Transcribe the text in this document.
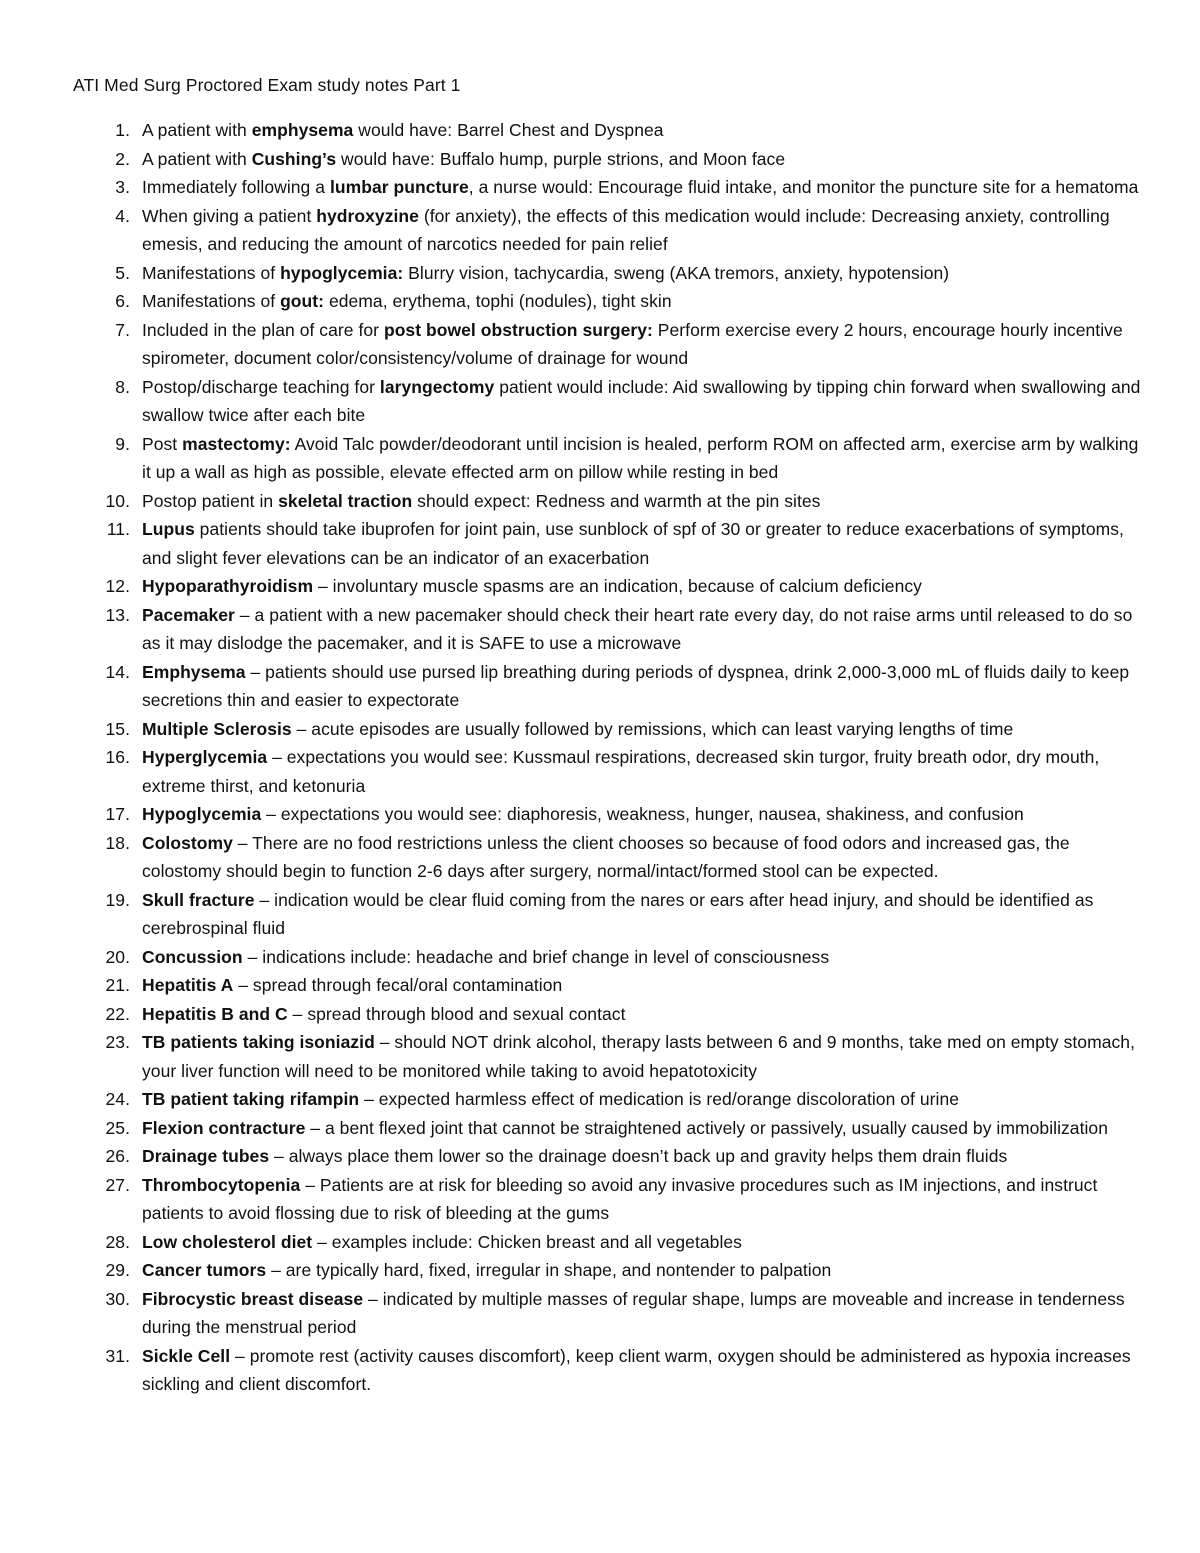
ATI Med Surg Proctored Exam study notes Part 1
1. A patient with emphysema would have: Barrel Chest and Dyspnea
2. A patient with Cushing’s would have: Buffalo hump, purple strions, and Moon face
3. Immediately following a lumbar puncture, a nurse would: Encourage fluid intake, and monitor the puncture site for a hematoma
4. When giving a patient hydroxyzine (for anxiety), the effects of this medication would include: Decreasing anxiety, controlling emesis, and reducing the amount of narcotics needed for pain relief
5. Manifestations of hypoglycemia: Blurry vision, tachycardia, sweng (AKA tremors, anxiety, hypotension)
6. Manifestations of gout: edema, erythema, tophi (nodules), tight skin
7. Included in the plan of care for post bowel obstruction surgery: Perform exercise every 2 hours, encourage hourly incentive spirometer, document color/consistency/volume of drainage for wound
8. Postop/discharge teaching for laryngectomy patient would include: Aid swallowing by tipping chin forward when swallowing and swallow twice after each bite
9. Post mastectomy: Avoid Talc powder/deodorant until incision is healed, perform ROM on affected arm, exercise arm by walking it up a wall as high as possible, elevate effected arm on pillow while resting in bed
10. Postop patient in skeletal traction should expect: Redness and warmth at the pin sites
11. Lupus patients should take ibuprofen for joint pain, use sunblock of spf of 30 or greater to reduce exacerbations of symptoms, and slight fever elevations can be an indicator of an exacerbation
12. Hypoparathyroidism – involuntary muscle spasms are an indication, because of calcium deficiency
13. Pacemaker – a patient with a new pacemaker should check their heart rate every day, do not raise arms until released to do so as it may dislodge the pacemaker, and it is SAFE to use a microwave
14. Emphysema – patients should use pursed lip breathing during periods of dyspnea, drink 2,000-3,000 mL of fluids daily to keep secretions thin and easier to expectorate
15. Multiple Sclerosis – acute episodes are usually followed by remissions, which can least varying lengths of time
16. Hyperglycemia – expectations you would see: Kussmaul respirations, decreased skin turgor, fruity breath odor, dry mouth, extreme thirst, and ketonuria
17. Hypoglycemia – expectations you would see: diaphoresis, weakness, hunger, nausea, shakiness, and confusion
18. Colostomy – There are no food restrictions unless the client chooses so because of food odors and increased gas, the colostomy should begin to function 2-6 days after surgery, normal/intact/formed stool can be expected.
19. Skull fracture – indication would be clear fluid coming from the nares or ears after head injury, and should be identified as cerebrospinal fluid
20. Concussion – indications include: headache and brief change in level of consciousness
21. Hepatitis A – spread through fecal/oral contamination
22. Hepatitis B and C – spread through blood and sexual contact
23. TB patients taking isoniazid – should NOT drink alcohol, therapy lasts between 6 and 9 months, take med on empty stomach, your liver function will need to be monitored while taking to avoid hepatotoxicity
24. TB patient taking rifampin – expected harmless effect of medication is red/orange discoloration of urine
25. Flexion contracture – a bent flexed joint that cannot be straightened actively or passively, usually caused by immobilization
26. Drainage tubes – always place them lower so the drainage doesn’t back up and gravity helps them drain fluids
27. Thrombocytopenia – Patients are at risk for bleeding so avoid any invasive procedures such as IM injections, and instruct patients to avoid flossing due to risk of bleeding at the gums
28. Low cholesterol diet – examples include: Chicken breast and all vegetables
29. Cancer tumors – are typically hard, fixed, irregular in shape, and nontender to palpation
30. Fibrocystic breast disease – indicated by multiple masses of regular shape, lumps are moveable and increase in tenderness during the menstrual period
31. Sickle Cell – promote rest (activity causes discomfort), keep client warm, oxygen should be administered as hypoxia increases sickling and client discomfort.
